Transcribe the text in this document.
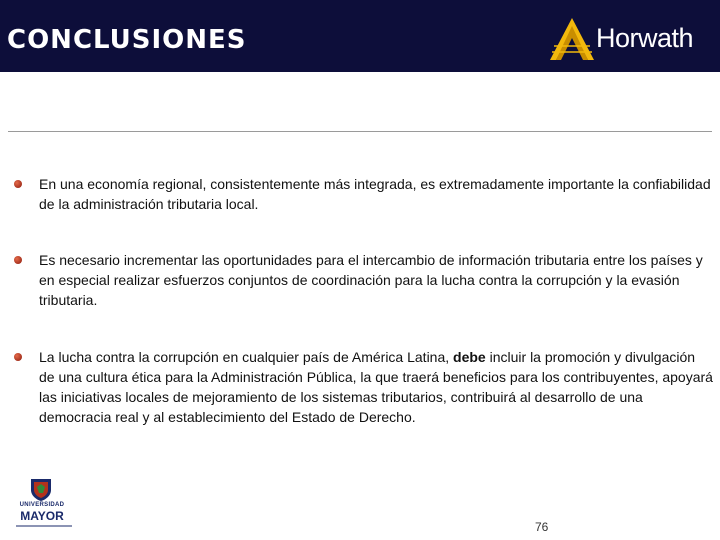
CONCLUSIONES	Horwath
En una economía regional, consistentemente más integrada, es extremadamente importante la confiabilidad de la administración tributaria local.
Es necesario incrementar las oportunidades para el intercambio de información tributaria entre los países y en especial realizar esfuerzos conjuntos de coordinación para la lucha contra la corrupción y la evasión tributaria.
La lucha contra la corrupción en cualquier país de América Latina, debe incluir la promoción y divulgación de una cultura ética para la Administración Pública, la que traerá beneficios para los contribuyentes, apoyará las iniciativas locales de mejoramiento de los sistemas tributarios, contribuirá al desarrollo de una democracia real y al establecimiento del Estado de Derecho.
UNIVERSIDAD
MAYOR
76
